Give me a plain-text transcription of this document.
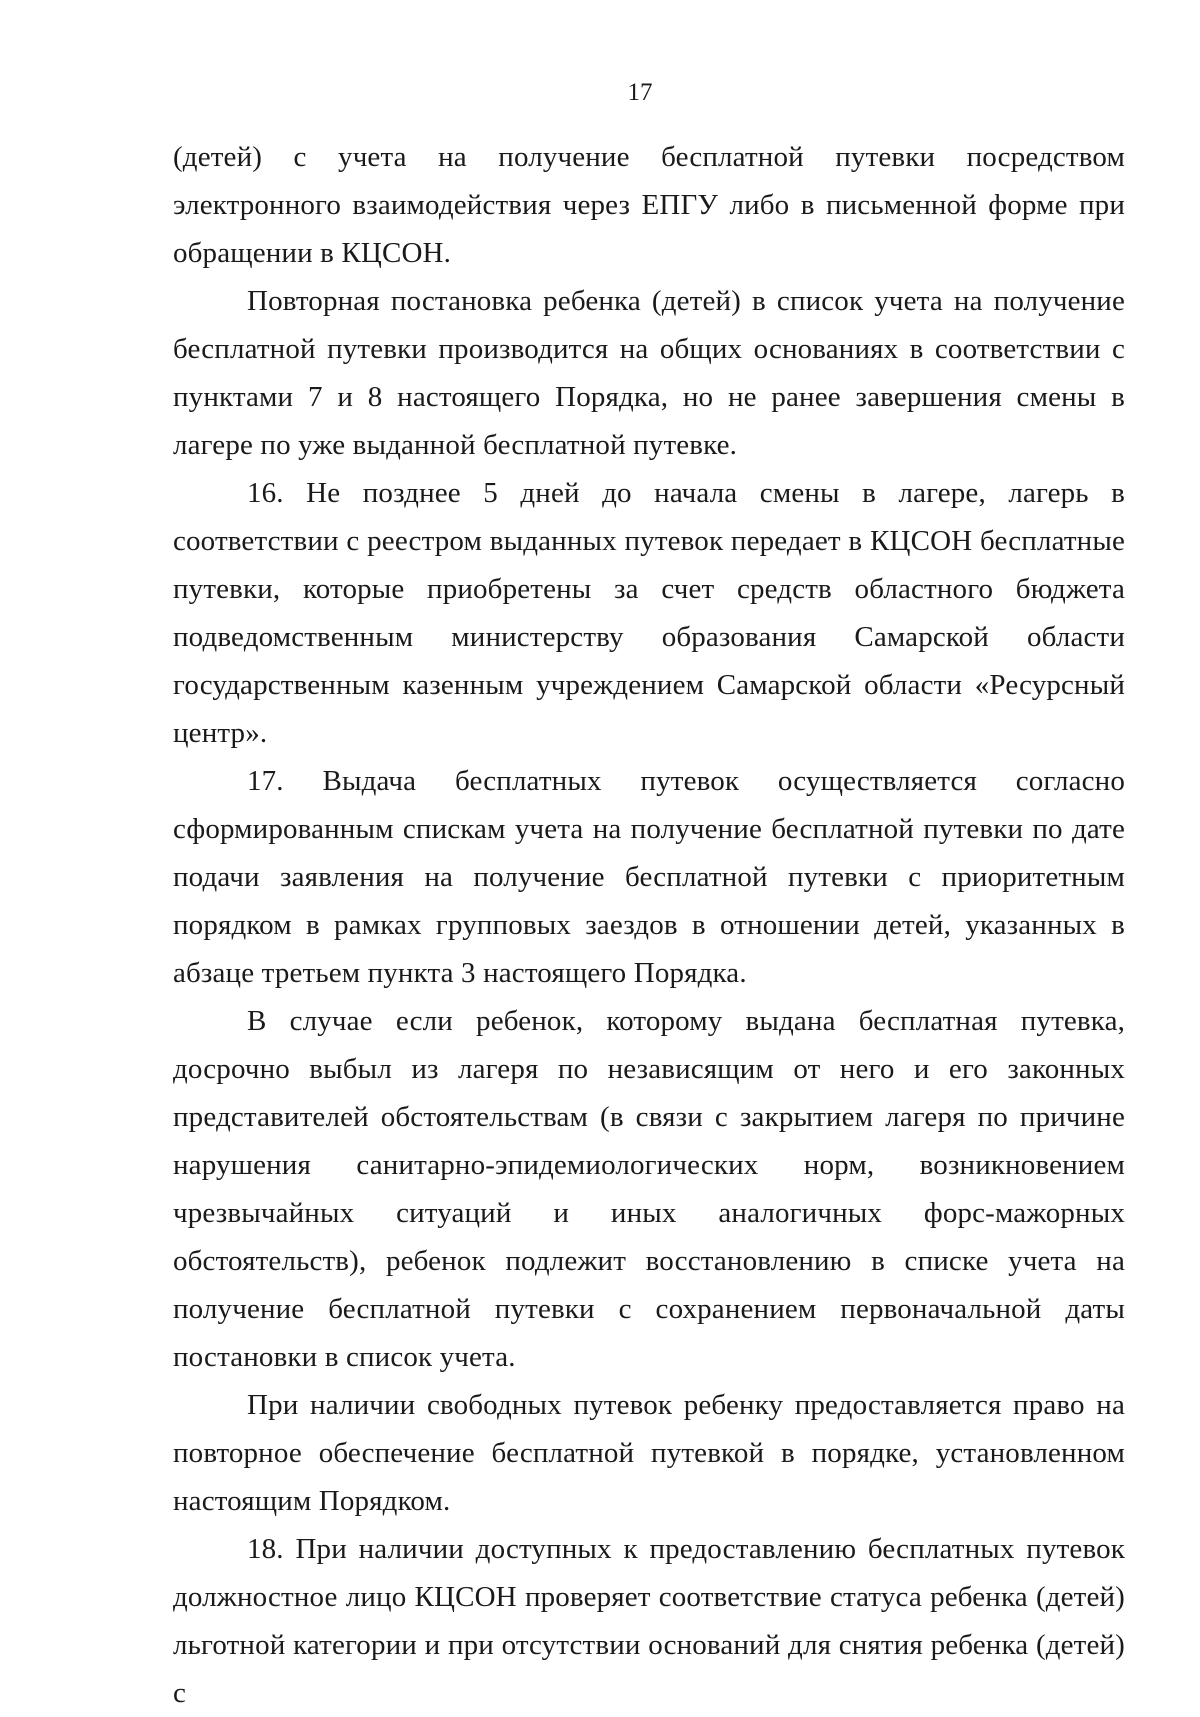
17

(детей) с учета на получение бесплатной путевки посредством электронного взаимодействия через ЕПГУ либо в письменной форме при обращении в КЦСОН.

Повторная постановка ребенка (детей) в список учета на получение бесплатной путевки производится на общих основаниях в соответствии с пунктами 7 и 8 настоящего Порядка, но не ранее завершения смены в лагере по уже выданной бесплатной путевке.

16. Не позднее 5 дней до начала смены в лагере, лагерь в соответствии с реестром выданных путевок передает в КЦСОН бесплатные путевки, которые приобретены за счет средств областного бюджета подведомственным министерству образования Самарской области государственным казенным учреждением Самарской области «Ресурсный центр».

17. Выдача бесплатных путевок осуществляется согласно сформированным спискам учета на получение бесплатной путевки по дате подачи заявления на получение бесплатной путевки с приоритетным порядком в рамках групповых заездов в отношении детей, указанных в абзаце третьем пункта 3 настоящего Порядка.

В случае если ребенок, которому выдана бесплатная путевка, досрочно выбыл из лагеря по независящим от него и его законных представителей обстоятельствам (в связи с закрытием лагеря по причине нарушения санитарно-эпидемиологических норм, возникновением чрезвычайных ситуаций и иных аналогичных форс-мажорных обстоятельств), ребенок подлежит восстановлению в списке учета на получение бесплатной путевки с сохранением первоначальной даты постановки в список учета.

При наличии свободных путевок ребенку предоставляется право на повторное обеспечение бесплатной путевкой в порядке, установленном настоящим Порядком.

18. При наличии доступных к предоставлению бесплатных путевок должностное лицо КЦСОН проверяет соответствие статуса ребенка (детей) льготной категории и при отсутствии оснований для снятия ребенка (детей) с
